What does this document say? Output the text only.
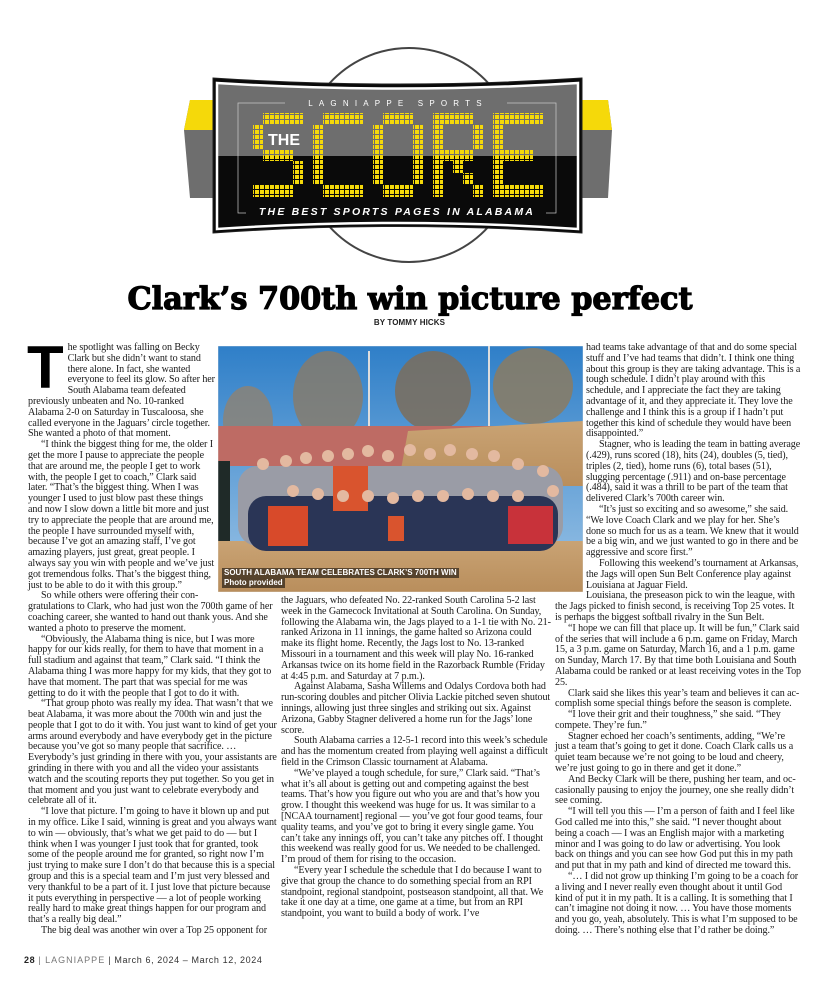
LAGNIAPPE SPORTS
THE
THE BEST SPORTS PAGES IN ALABAMA
Clark’s 700th win picture perfect
BY TOMMY HICKS
SOUTH ALABAMA TEAM CELEBRATES CLARK’S 700TH WIN
Photo provided
T he spotlight was falling on Becky Clark but she didn’t want to stand there alone. In fact, she wanted everyone to feel its glow. So after her South Alabama team defeated previously unbeaten and No. 10-ranked Alabama 2-0 on Saturday in Tuscaloosa, she called everyone in the Jaguars’ circle together. She wanted a photo of that moment.

“I think the biggest thing for me, the older I get the more I pause to appreciate the people that are around me, the people I get to work with, the people I get to coach,” Clark said later. “That’s the biggest thing. When I was younger I used to just blow past these things and now I slow down a little bit more and just try to appreciate the people that are around me, the people I have surrounded myself with, because I’ve got an amazing staff, I’ve got amazing players, just great, great people. I always say you win with people and we’ve just got tremendous folks. That’s the biggest thing, just to be able to do it with this group.”

So while others were offering their congratulations to Clark, who had just won the 700th game of her coaching career, she wanted to hand out thank yous. And she wanted a photo to preserve the moment.

“Obviously, the Alabama thing is nice, but I was more happy for our kids really, for them to have that moment in a full stadium and against that team,” Clark said. “I think the Alabama thing I was more happy for my kids, that they got to have that moment. The part that was special for me was getting to do it with the people that I got to do it with.

“That group photo was really my idea. That wasn’t that we beat Alabama, it was more about the 700th win and just the people that I got to do it with. You just want to kind of get your arms around everybody and have everybody get in the picture because you’ve got so many people that sacrifice. … Everybody’s just grinding in there with you, your assistants are grinding in there with you and all the video your assistants watch and the scouting reports they put together. So you get in that moment and you just want to celebrate everybody and celebrate all of it.

“I love that picture. I’m going to have it blown up and put in my office. Like I said, winning is great and you always want to win — obviously, that’s what we get paid to do — but I think when I was younger I just took that for granted, took some of the people around me for granted, so right now I’m just trying to make sure I don’t do that because this is a special group and this is a special team and I’m just very blessed and very thankful to be a part of it. I just love that picture because it puts everything in perspective — a lot of people working really hard to make great things happen for our program and that’s a really big deal.”

The big deal was another win over a Top 25 opponent for

the Jaguars, who defeated No. 22-ranked South Carolina 5-2 last week in the Gamecock Invitational at South Carolina. On Sunday, following the Alabama win, the Jags played to a 1-1 tie with No. 21-ranked Arizona in 11 innings, the game halted so Arizona could make its flight home. Recently, the Jags lost to No. 13-ranked Missouri in a tournament and this week will play No. 16-ranked Arkansas twice on its home field in the Razorback Rumble (Friday at 4:45 p.m. and Saturday at 7 p.m.).

Against Alabama, Sasha Willems and Odalys Cordova both had run-scoring doubles and pitcher Olivia Lackie pitched seven shutout innings, allowing just three singles and striking out six. Against Arizona, Gabby Stagner delivered a home run for the Jags’ lone score.

South Alabama carries a 12-5-1 record into this week’s schedule and has the momentum created from playing well against a difficult field in the Crimson Classic tournament at Alabama.

“We’ve played a tough schedule, for sure,” Clark said. “That’s what it’s all about is getting out and competing against the best teams. That’s how you figure out who you are and that’s how you grow. I thought this weekend was huge for us. It was similar to a [NCAA tournament] regional — you’ve got four good teams, four quality teams, and you’ve got to bring it every single game. You can’t take any innings off, you can’t take any pitches off. I thought this weekend was really good for us. We needed to be challenged. I’m proud of them for rising to the occasion.

“Every year I schedule the schedule that I do because I want to give that group the chance to do something special from an RPI standpoint, regional standpoint, postseason standpoint, all that. We take it one day at a time, one game at a time, but from an RPI standpoint, you want to build a body of work. I’ve

had teams take advantage of that and do some special stuff and I’ve had teams that didn’t. I think one thing about this group is they are taking advantage. This is a tough schedule. I didn’t play around with this schedule, and I appreciate the fact they are taking advantage of it, and they appreciate it. They love the challenge and I think this is a group if I hadn’t put together this kind of schedule they would have been disappointed.”

Stagner, who is leading the team in batting average (.429), runs scored (18), hits (24), doubles (5, tied), triples (2, tied), home runs (6), total bases (51), slugging percentage (.911) and on-base percentage (.484), said it was a thrill to be part of the team that delivered Clark’s 700th career win.

“It’s just so exciting and so awesome,” she said. “We love Coach Clark and we play for her. She’s done so much for us as a team. We knew that it would be a big win, and we just wanted to go in there and be aggressive and score first.”

Following this weekend’s tournament at Arkansas, the Jags will open Sun Belt Conference play against Louisiana at Jaguar Field.

Louisiana, the preseason pick to win the league, with the Jags picked to finish second, is receiving Top 25 votes. It is perhaps the biggest softball rivalry in the Sun Belt.

“I hope we can fill that place up. It will be fun,” Clark said of the series that will include a 6 p.m. game on Friday, March 15, a 3 p.m. game on Saturday, March 16, and a 1 p.m. game on Sunday, March 17. By that time both Louisiana and South Alabama could be ranked or at least receiving votes in the Top 25.

Clark said she likes this year’s team and believes it can accomplish some special things before the season is complete.

“I love their grit and their toughness,” she said. “They compete. They’re fun.”

Stagner echoed her coach’s sentiments, adding, “We’re just a team that’s going to get it done. Coach Clark calls us a quiet team because we’re not going to be loud and cheery, we’re just going to go in there and get it done.”

And Becky Clark will be there, pushing her team, and occasionally pausing to enjoy the journey, one she really didn’t see coming.

“I will tell you this — I’m a person of faith and I feel like God called me into this,” she said. “I never thought about being a coach — I was an English major with a marketing minor and I was going to do law or advertising. You look back on things and you can see how God put this in my path and put that in my path and kind of directed me toward this.

“… I did not grow up thinking I’m going to be a coach for a living and I never really even thought about it until God kind of put it in my path. It is a calling. It is something that I can’t imagine not doing it now. … You have those moments and you go, yeah, absolutely. This is what I’m supposed to be doing. … There’s nothing else that I’d rather be doing.”

28 | LAGNIAPPE | March 6, 2024 – March 12, 2024
